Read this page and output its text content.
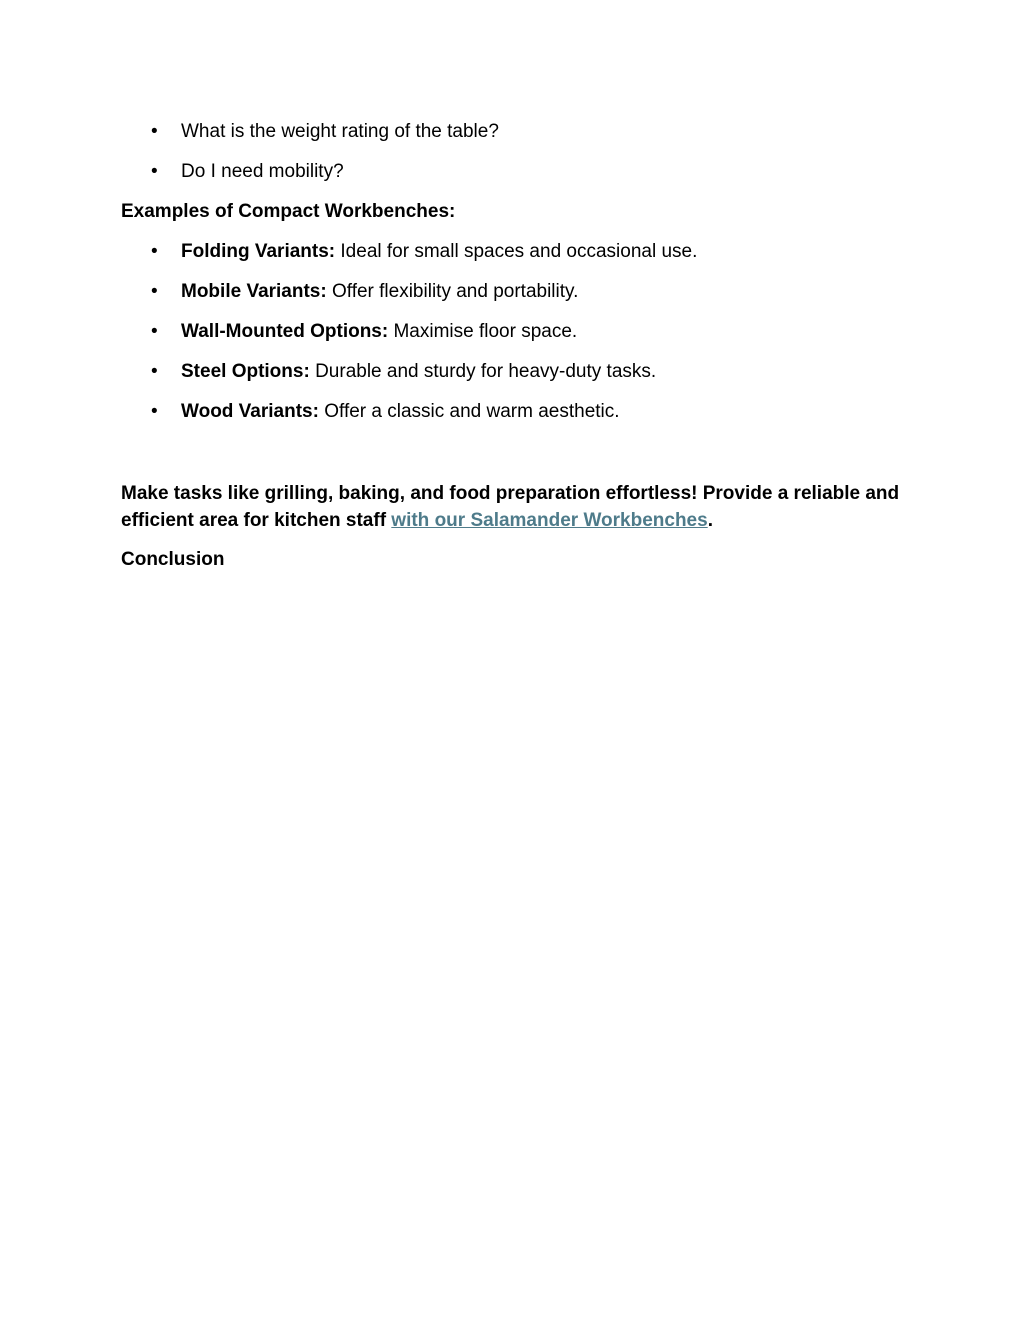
• What is the weight rating of the table?
• Do I need mobility?

Examples of Compact Workbenches:

• Folding Variants: Ideal for small spaces and occasional use.
• Mobile Variants: Offer flexibility and portability.
• Wall-Mounted Options: Maximise floor space.
• Steel Options: Durable and sturdy for heavy-duty tasks.
• Wood Variants: Offer a classic and warm aesthetic.

Make tasks like grilling, baking, and food preparation effortless! Provide a reliable and efficient area for kitchen staff with our Salamander Workbenches.

Conclusion
